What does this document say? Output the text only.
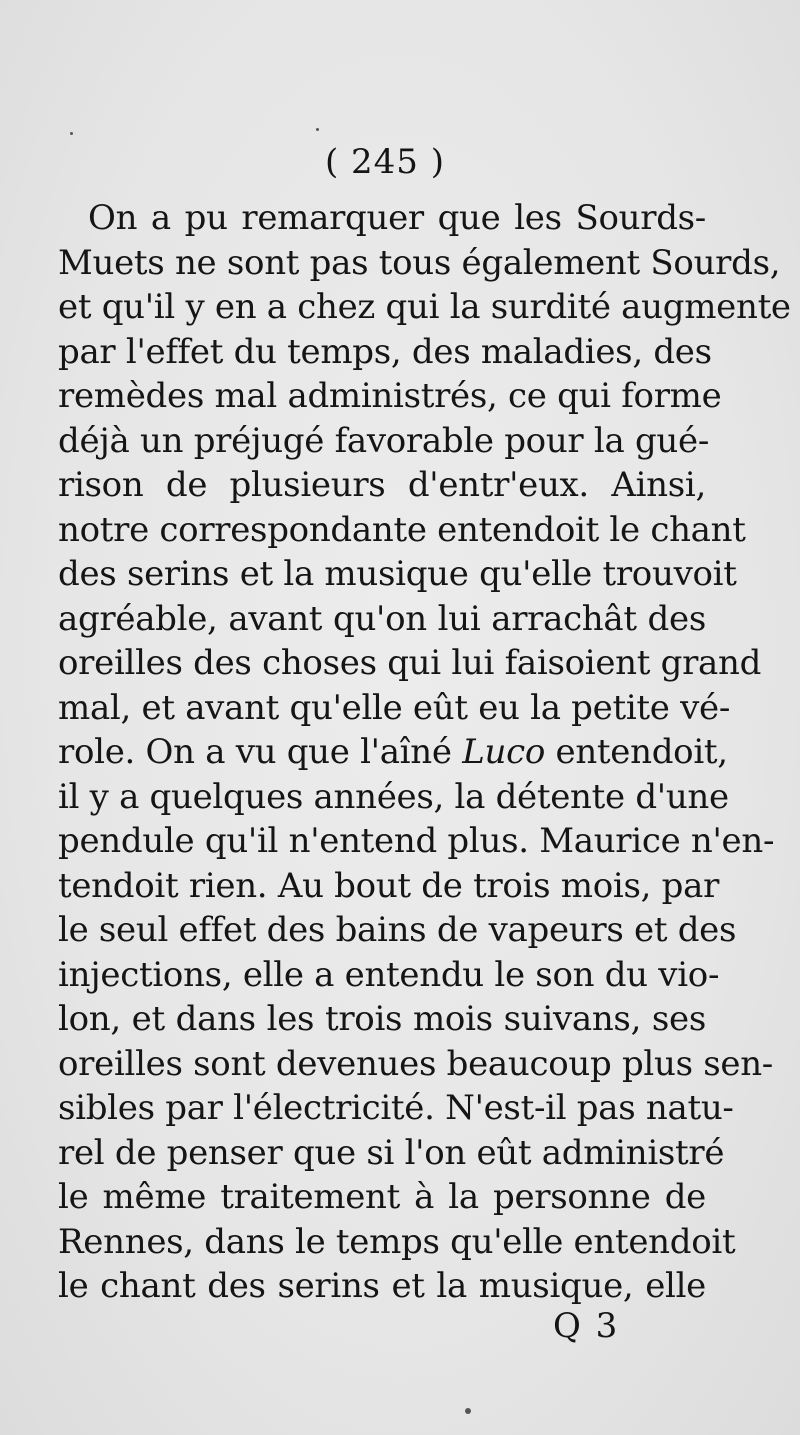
( 245 )
On a pu remarquer que les Sourds-
Muets ne sont pas tous également Sourds,
et qu'il y en a chez qui la surdité augmente
par l'effet du temps, des maladies, des
remèdes mal administrés, ce qui forme
déjà un préjugé favorable pour la gué-
rison de plusieurs d'entr'eux. Ainsi,
notre correspondante entendoit le chant
des serins et la musique qu'elle trouvoit
agréable, avant qu'on lui arrachât des
oreilles des choses qui lui faisoient grand
mal, et avant qu'elle eût eu la petite vé-
role. On a vu que l'aîné Luco entendoit,
il y a quelques années, la détente d'une
pendule qu'il n'entend plus. Maurice n'en-
tendoit rien. Au bout de trois mois, par
le seul effet des bains de vapeurs et des
injections, elle a entendu le son du vio-
lon, et dans les trois mois suivans, ses
oreilles sont devenues beaucoup plus sen-
sibles par l'électricité. N'est-il pas natu-
rel de penser que si l'on eût administré
le même traitement à la personne de
Rennes, dans le temps qu'elle entendoit
le chant des serins et la musique, elle
Q 3
